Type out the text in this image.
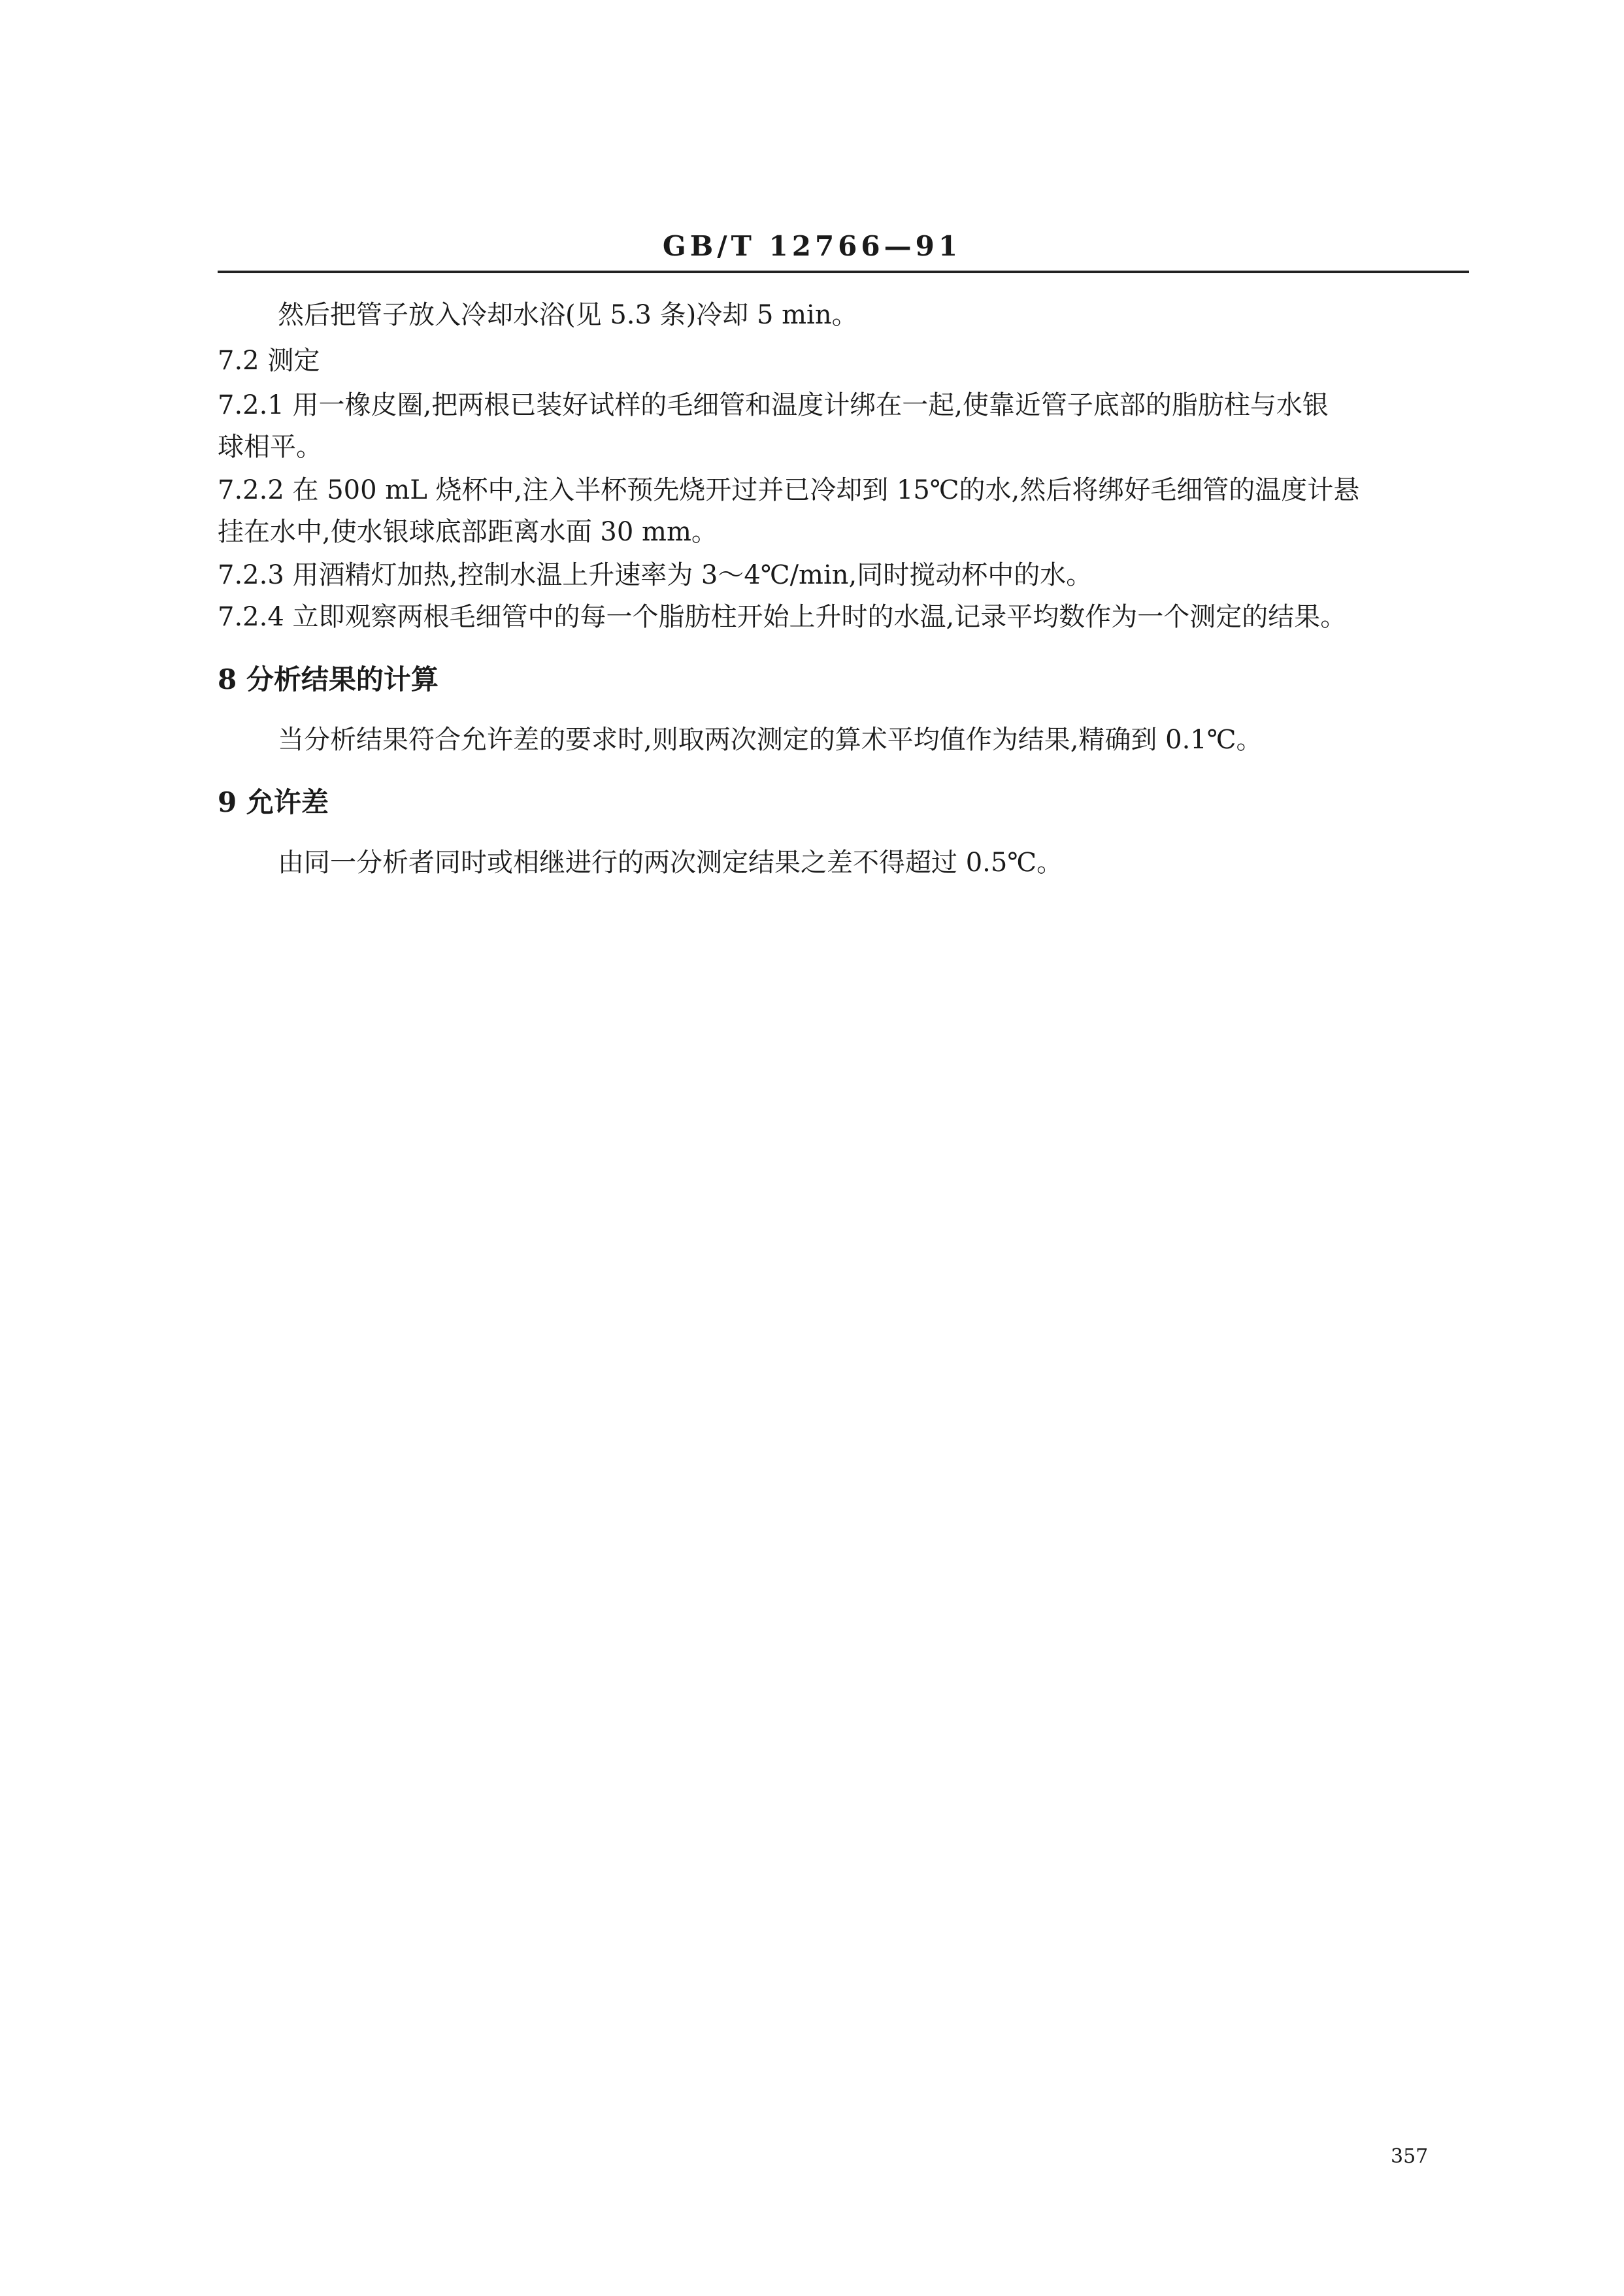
GB/T 12766—91
然后把管子放入冷却水浴(见 5.3 条)冷却 5 min。
7.2 测定
7.2.1 用一橡皮圈,把两根已装好试样的毛细管和温度计绑在一起,使靠近管子底部的脂肪柱与水银
球相平。
7.2.2 在 500 mL 烧杯中,注入半杯预先烧开过并已冷却到 15℃的水,然后将绑好毛细管的温度计悬
挂在水中,使水银球底部距离水面 30 mm。
7.2.3 用酒精灯加热,控制水温上升速率为 3～4℃/min,同时搅动杯中的水。
7.2.4 立即观察两根毛细管中的每一个脂肪柱开始上升时的水温,记录平均数作为一个测定的结果。
8 分析结果的计算
当分析结果符合允许差的要求时,则取两次测定的算术平均值作为结果,精确到 0.1℃。
9 允许差
由同一分析者同时或相继进行的两次测定结果之差不得超过 0.5℃。
357
